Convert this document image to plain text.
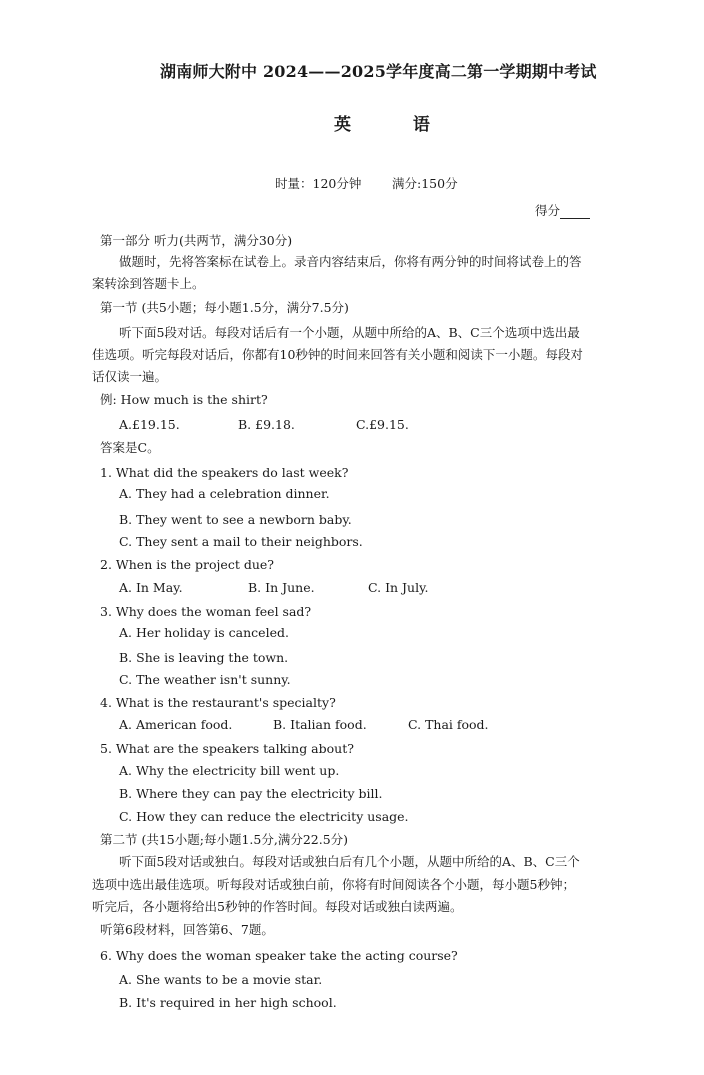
湖南师大附中 2024——2025学年度高二第一学期期中考试
英 语
时量：120分钟 满分:150分
得分
第一部分 听力(共两节，满分30分)
做题时，先将答案标在试卷上。录音内容结束后，你将有两分钟的时间将试卷上的答
案转涂到答题卡上。
第一节 (共5小题；每小题1.5分，满分7.5分)
听下面5段对话。每段对话后有一个小题，从题中所给的A、B、C三个选项中选出最
佳选项。听完每段对话后，你都有10秒钟的时间来回答有关小题和阅读下一小题。每段对
话仅读一遍。
例: How much is the shirt?
A.£19.15.	B. £9.18.	C.£9.15.
答案是C。
1. What did the speakers do last week?
A. They had a celebration dinner.
B. They went to see a newborn baby.
C. They sent a mail to their neighbors.
2. When is the project due?
A. In May.	B. In June.	C. In July.
3. Why does the woman feel sad?
A. Her holiday is canceled.
B. She is leaving the town.
C. The weather isn't sunny.
4. What is the restaurant's specialty?
A. American food.	B. Italian food.	C. Thai food.
5. What are the speakers talking about?
A. Why the electricity bill went up.
B. Where they can pay the electricity bill.
C. How they can reduce the electricity usage.
第二节 (共15小题;每小题1.5分,满分22.5分)
听下面5段对话或独白。每段对话或独白后有几个小题，从题中所给的A、B、C三个
选项中选出最佳选项。听每段对话或独白前，你将有时间阅读各个小题，每小题5秒钟；
听完后，各小题将给出5秒钟的作答时间。每段对话或独白读两遍。
听第6段材料，回答第6、7题。
6. Why does the woman speaker take the acting course?
A. She wants to be a movie star.
B. It's required in her high school.
